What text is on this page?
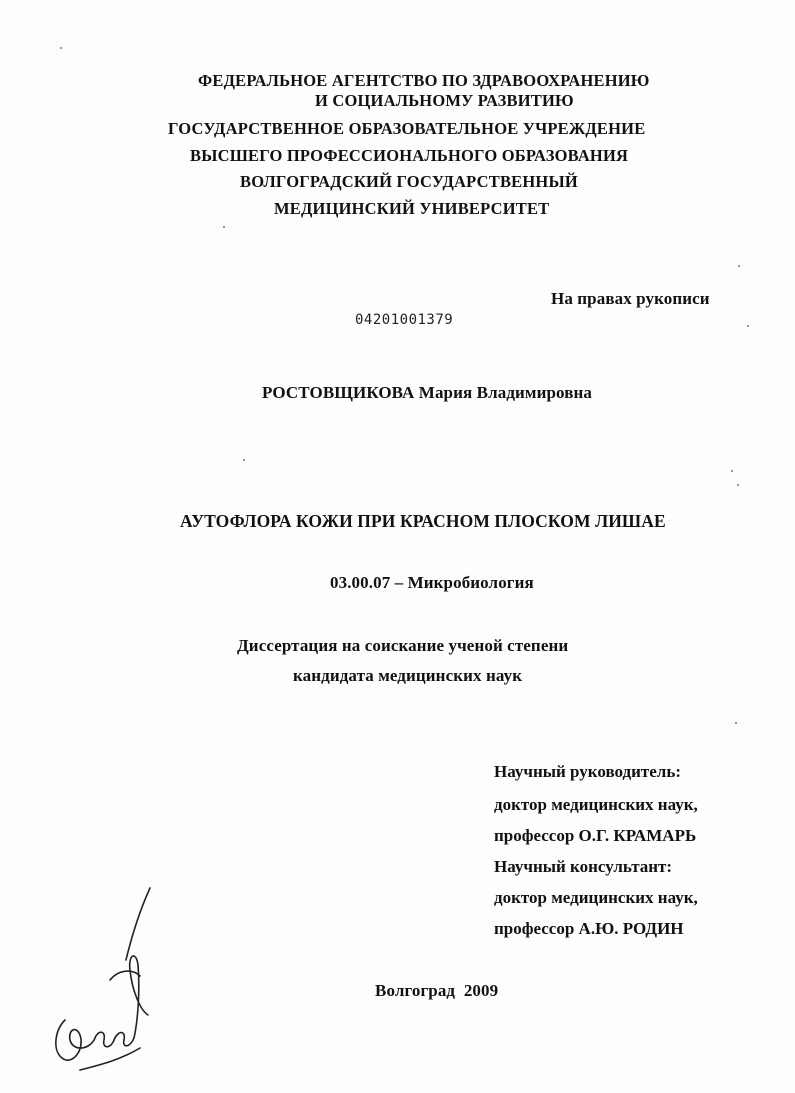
ФЕДЕРАЛЬНОЕ АГЕНТСТВО ПО ЗДРАВООХРАНЕНИЮ
И СОЦИАЛЬНОМУ РАЗВИТИЮ
ГОСУДАРСТВЕННОЕ ОБРАЗОВАТЕЛЬНОЕ УЧРЕЖДЕНИЕ
ВЫСШЕГО ПРОФЕССИОНАЛЬНОГО ОБРАЗОВАНИЯ
ВОЛГОГРАДСКИЙ ГОСУДАРСТВЕННЫЙ
МЕДИЦИНСКИЙ УНИВЕРСИТЕТ
На правах рукописи
04201001379
РОСТОВЩИКОВА Мария Владимировна
АУТОФЛОРА КОЖИ ПРИ КРАСНОМ ПЛОСКОМ ЛИШАЕ
03.00.07 – Микробиология
Диссертация на соискание ученой степени
кандидата медицинских наук
Научный руководитель:
доктор медицинских наук,
профессор О.Г. КРАМАРЬ
Научный консультант:
доктор медицинских наук,
профессор А.Ю. РОДИН
Волгоград  2009
